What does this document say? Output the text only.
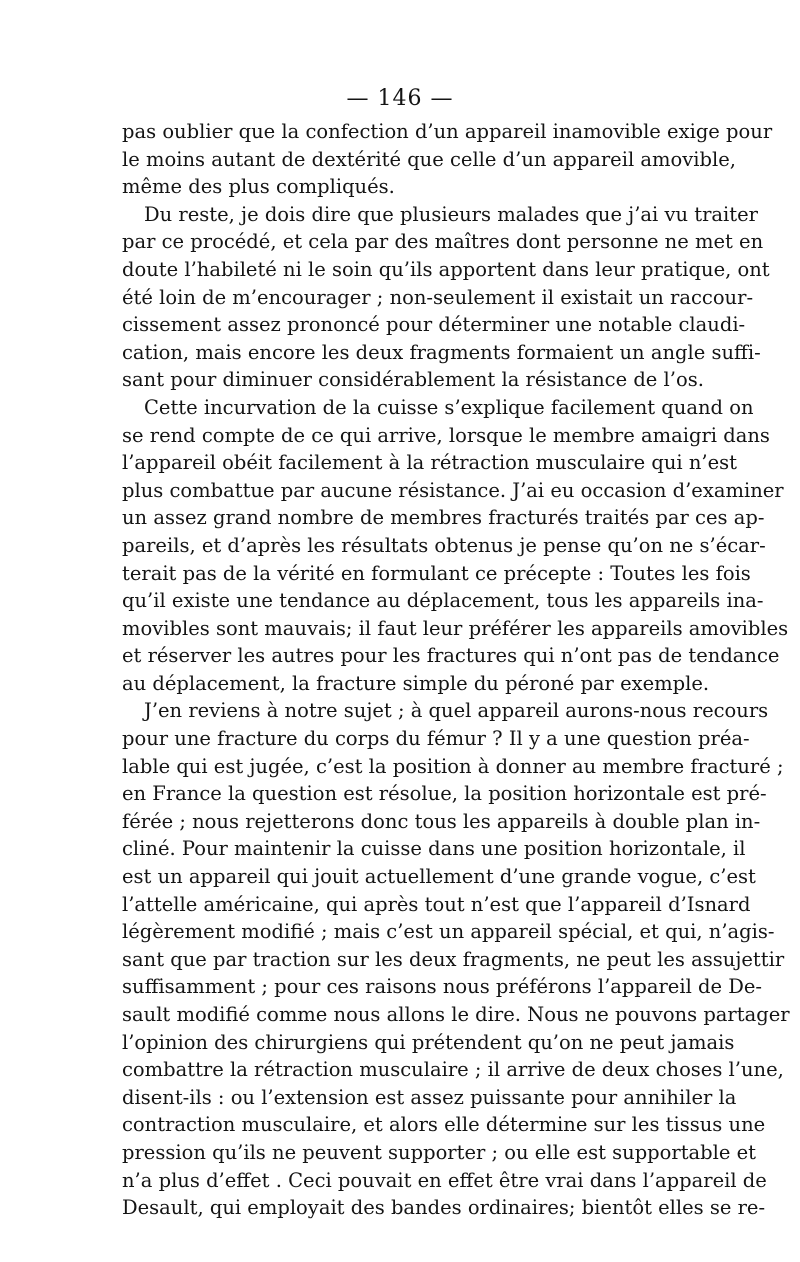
— 146 —
pas oublier que la confection d’un appareil inamovible exige pour
le moins autant de dextérité que celle d’un appareil amovible,
même des plus compliqués.
Du reste, je dois dire que plusieurs malades que j’ai vu traiter
par ce procédé, et cela par des maîtres dont personne ne met en
doute l’habileté ni le soin qu’ils apportent dans leur pratique, ont
été loin de m’encourager ; non-seulement il existait un raccour-
cissement assez prononcé pour déterminer une notable claudi-
cation, mais encore les deux fragments formaient un angle suffi-
sant pour diminuer considérablement la résistance de l’os.
Cette incurvation de la cuisse s’explique facilement quand on
se rend compte de ce qui arrive, lorsque le membre amaigri dans
l’appareil obéit facilement à la rétraction musculaire qui n’est
plus combattue par aucune résistance. J’ai eu occasion d’examiner
un assez grand nombre de membres fracturés traités par ces ap-
pareils, et d’après les résultats obtenus je pense qu’on ne s’écar-
terait pas de la vérité en formulant ce précepte : Toutes les fois
qu’il existe une tendance au déplacement, tous les appareils ina-
movibles sont mauvais; il faut leur préférer les appareils amovibles
et réserver les autres pour les fractures qui n’ont pas de tendance
au déplacement, la fracture simple du péroné par exemple.
J’en reviens à notre sujet ; à quel appareil aurons-nous recours
pour une fracture du corps du fémur ? Il y a une question préa-
lable qui est jugée, c’est la position à donner au membre fracturé ;
en France la question est résolue, la position horizontale est pré-
férée ; nous rejetterons donc tous les appareils à double plan in-
cliné. Pour maintenir la cuisse dans une position horizontale, il
est un appareil qui jouit actuellement d’une grande vogue, c’est
l’attelle américaine, qui après tout n’est que l’appareil d’Isnard
légèrement modifié ; mais c’est un appareil spécial, et qui, n’agis-
sant que par traction sur les deux fragments, ne peut les assujettir
suffisamment ; pour ces raisons nous préférons l’appareil de De-
sault modifié comme nous allons le dire. Nous ne pouvons partager
l’opinion des chirurgiens qui prétendent qu’on ne peut jamais
combattre la rétraction musculaire ; il arrive de deux choses l’une,
disent-ils : ou l’extension est assez puissante pour annihiler la
contraction musculaire, et alors elle détermine sur les tissus une
pression qu’ils ne peuvent supporter ; ou elle est supportable et
n’a plus d’effet . Ceci pouvait en effet être vrai dans l’appareil de
Desault, qui employait des bandes ordinaires; bientôt elles se re-
